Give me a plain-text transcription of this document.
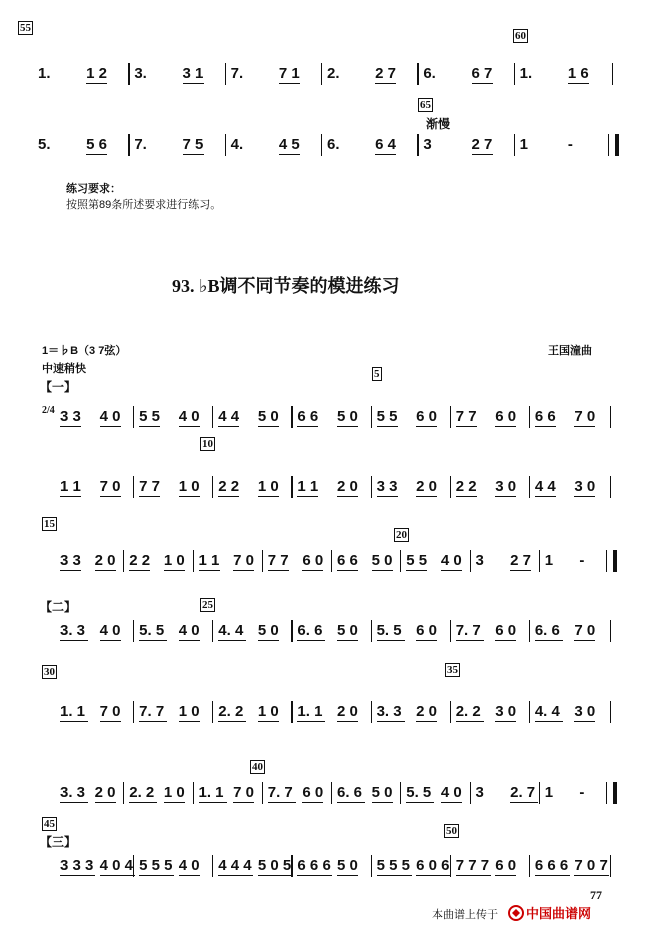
55
60
65
渐慢
1. 1 2 3. 3 1 7. 7 1 2. 2 7 6. 6 7 1. 1 6
5. 5 6 7. 7 5 4. 4 5 6. 6 4 3	2 7 1	-
练习要求：
按照第89条所述要求进行练习。
93. ♭B调不同节奏的模进练习
1＝♭B（3 7弦）	王国潼曲
中速稍快
【一】
2/4
【二】
【三】
5
10
15
20
25
30	35
40
45
50
3 3 4 0 5 5 4 0 4 4 5 0 6 6 5 0 5 5 6 0 7 7 6 0 6 6 7 0
1 1 7 0 7 7 1 0 2 2 1 0 1 1 2 0 3 3 2 0 2 2 3 0 4 4 3 0
3 3 2 0 2 2 1 0 1 1 7 0 7 7 6 0 6 6 5 0 5 5 4 0 3 2 7 1 -
3. 3 4 0 5. 5 4 0 4. 4 5 0 6. 6 5 0 5. 5 6 0 7. 7 6 0 6. 6 7 0
1. 1 7 0 7. 7 1 0 2. 2 1 0 1. 1 2 0 3. 3 2 0 2. 2 3 0 4. 4 3 0
3. 3 2 0 2. 2 1 0 1. 1 7 0 7. 7 6 0 6. 6 5 0 5. 5 4 0 3 2. 7 1 -
3 3 3 4 0 4 5 5 5 4 0 4 4 4 5 0 5 6 6 6 5 0 5 5 5 6 0 6 7 7 7 6 0 6 6 6 7 0 7
77
本曲谱上传于 中国曲谱网
